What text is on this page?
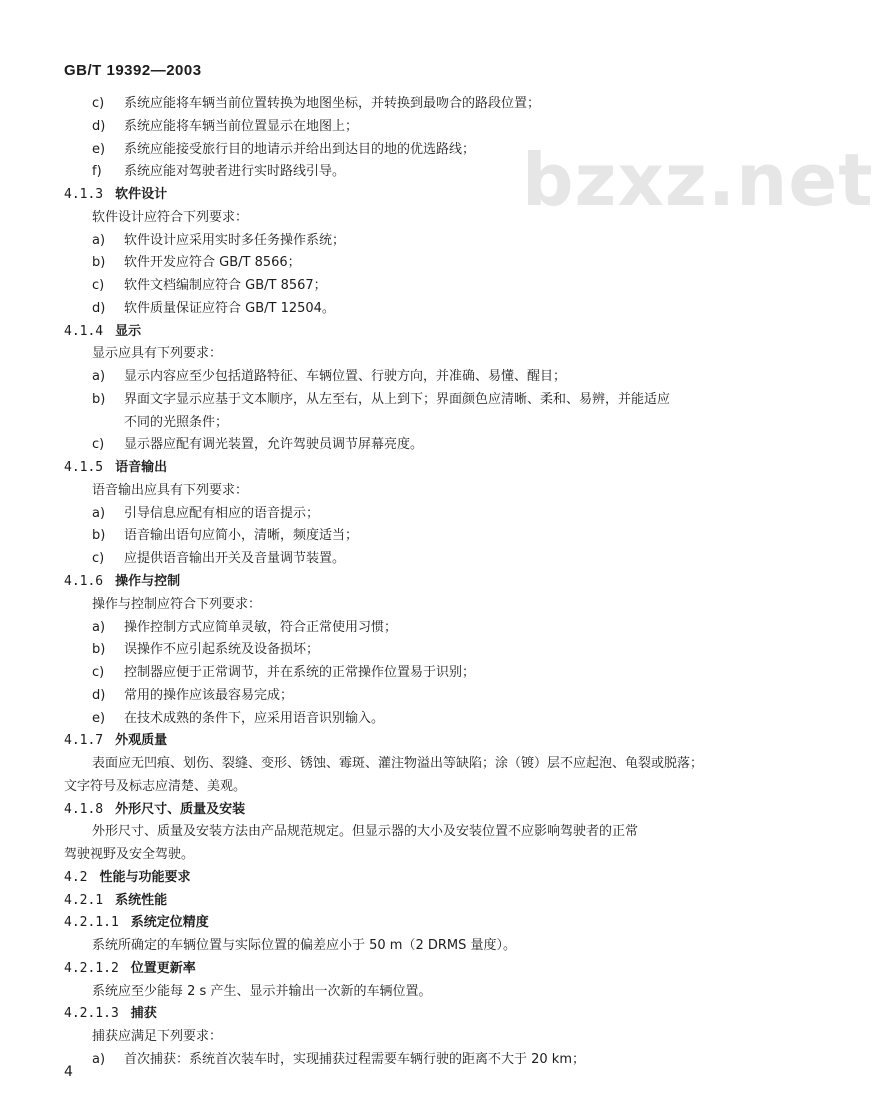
GB/T 19392—2003
bzxz.net
c) 系统应能将车辆当前位置转换为地图坐标，并转换到最吻合的路段位置；
d) 系统应能将车辆当前位置显示在地图上；
e) 系统应能接受旅行目的地请示并给出到达目的地的优选路线；
f) 系统应能对驾驶者进行实时路线引导。
4.1.3 软件设计
软件设计应符合下列要求：
a) 软件设计应采用实时多任务操作系统；
b) 软件开发应符合 GB/T 8566；
c) 软件文档编制应符合 GB/T 8567；
d) 软件质量保证应符合 GB/T 12504。
4.1.4 显示
显示应具有下列要求：
a) 显示内容应至少包括道路特征、车辆位置、行驶方向，并准确、易懂、醒目；
b) 界面文字显示应基于文本顺序，从左至右，从上到下；界面颜色应清晰、柔和、易辨，并能适应
不同的光照条件；
c) 显示器应配有调光装置，允许驾驶员调节屏幕亮度。
4.1.5 语音输出
语音输出应具有下列要求：
a) 引导信息应配有相应的语音提示；
b) 语音输出语句应简小，清晰，频度适当；
c) 应提供语音输出开关及音量调节装置。
4.1.6 操作与控制
操作与控制应符合下列要求：
a) 操作控制方式应简单灵敏，符合正常使用习惯；
b) 误操作不应引起系统及设备损坏；
c) 控制器应便于正常调节，并在系统的正常操作位置易于识别；
d) 常用的操作应该最容易完成；
e) 在技术成熟的条件下，应采用语音识别输入。
4.1.7 外观质量
表面应无凹痕、划伤、裂缝、变形、锈蚀、霉斑、灌注物溢出等缺陷；涂（镀）层不应起泡、龟裂或脱落；
文字符号及标志应清楚、美观。
4.1.8 外形尺寸、质量及安装
外形尺寸、质量及安装方法由产品规范规定。但显示器的大小及安装位置不应影响驾驶者的正常
驾驶视野及安全驾驶。
4.2 性能与功能要求
4.2.1 系统性能
4.2.1.1 系统定位精度
系统所确定的车辆位置与实际位置的偏差应小于 50 m（2 DRMS 量度）。
4.2.1.2 位置更新率
系统应至少能每 2 s 产生、显示并输出一次新的车辆位置。
4.2.1.3 捕获
捕获应满足下列要求：
a) 首次捕获：系统首次装车时，实现捕获过程需要车辆行驶的距离不大于 20 km；
4
